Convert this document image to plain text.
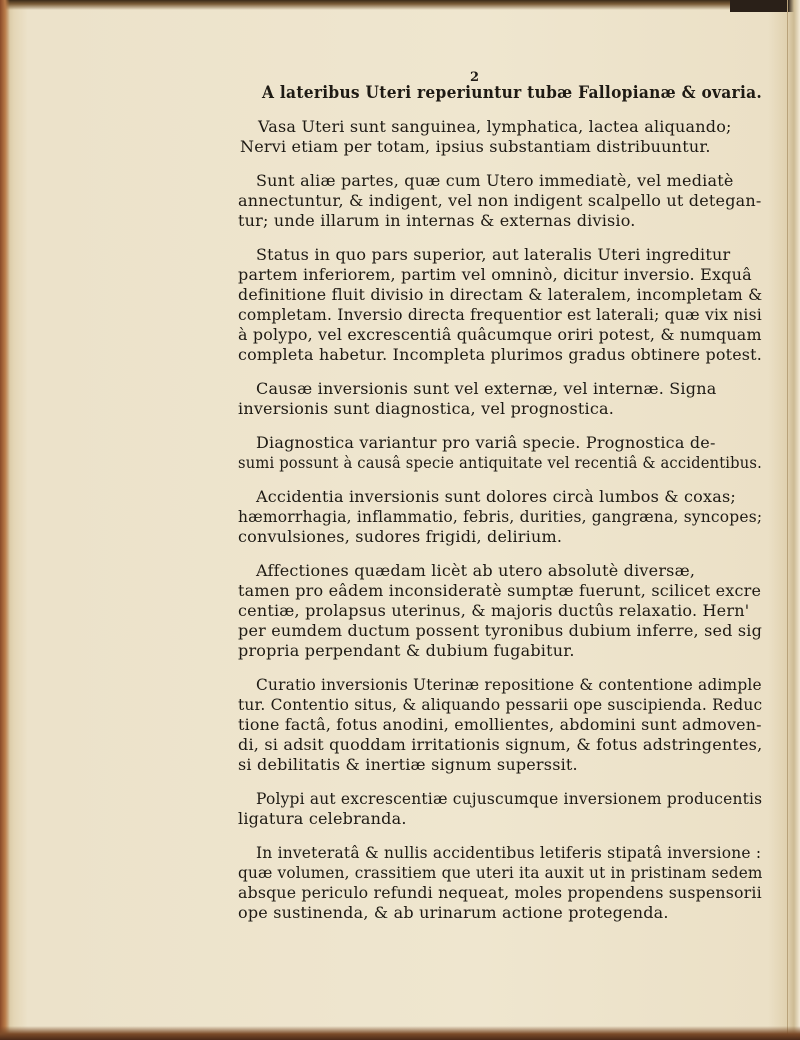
2
A lateribus Uteri reperiuntur tubæ Fallopianæ & ovaria.
Vasa Uteri sunt sanguinea, lymphatica, lactea aliquando;
Nervi etiam per totam, ipsius substantiam distribuuntur.
Sunt aliæ partes, quæ cum Utero immediatè, vel mediatè
annectuntur, & indigent, vel non indigent scalpello ut detegan-
tur; unde illarum in internas & externas divisio.
Status in quo pars superior, aut lateralis Uteri ingreditur
partem inferiorem, partim vel omninò, dicitur inversio. Exquâ
definitione fluit divisio in directam & lateralem, incompletam &
completam. Inversio directa frequentior est laterali; quæ vix nisi
à polypo, vel excrescentiâ quâcumque oriri potest, & numquam
completa habetur. Incompleta plurimos gradus obtinere potest.
Causæ inversionis sunt vel externæ, vel internæ. Signa
inversionis sunt diagnostica, vel prognostica.
Diagnostica variantur pro variâ specie. Prognostica de-
sumi possunt à causâ specie antiquitate vel recentiâ & accidentibus.
Accidentia inversionis sunt dolores circà lumbos & coxas;
hæmorrhagia, inflammatio, febris, durities, gangræna, syncopes;
convulsiones, sudores frigidi, delirium.
Affectiones quædam licèt ab utero absolutè diversæ,
tamen pro eâdem inconsideratè sumptæ fuerunt, scilicet excre
centiæ, prolapsus uterinus, & majoris ductûs relaxatio. Hern'
per eumdem ductum possent tyronibus dubium inferre, sed sig
propria perpendant & dubium fugabitur.
Curatio inversionis Uterinæ repositione & contentione adimple
tur. Contentio situs, & aliquando pessarii ope suscipienda. Reduc
tione factâ, fotus anodini, emollientes, abdomini sunt admoven-
di, si adsit quoddam irritationis signum, & fotus adstringentes,
si debilitatis & inertiæ signum superssit.
Polypi aut excrescentiæ cujuscumque inversionem producentis
ligatura celebranda.
In inveteratâ & nullis accidentibus letiferis stipatâ inversione :
quæ volumen, crassitiem que uteri ita auxit ut in pristinam sedem
absque periculo refundi nequeat, moles propendens suspensorii
ope sustinenda, & ab urinarum actione protegenda.
